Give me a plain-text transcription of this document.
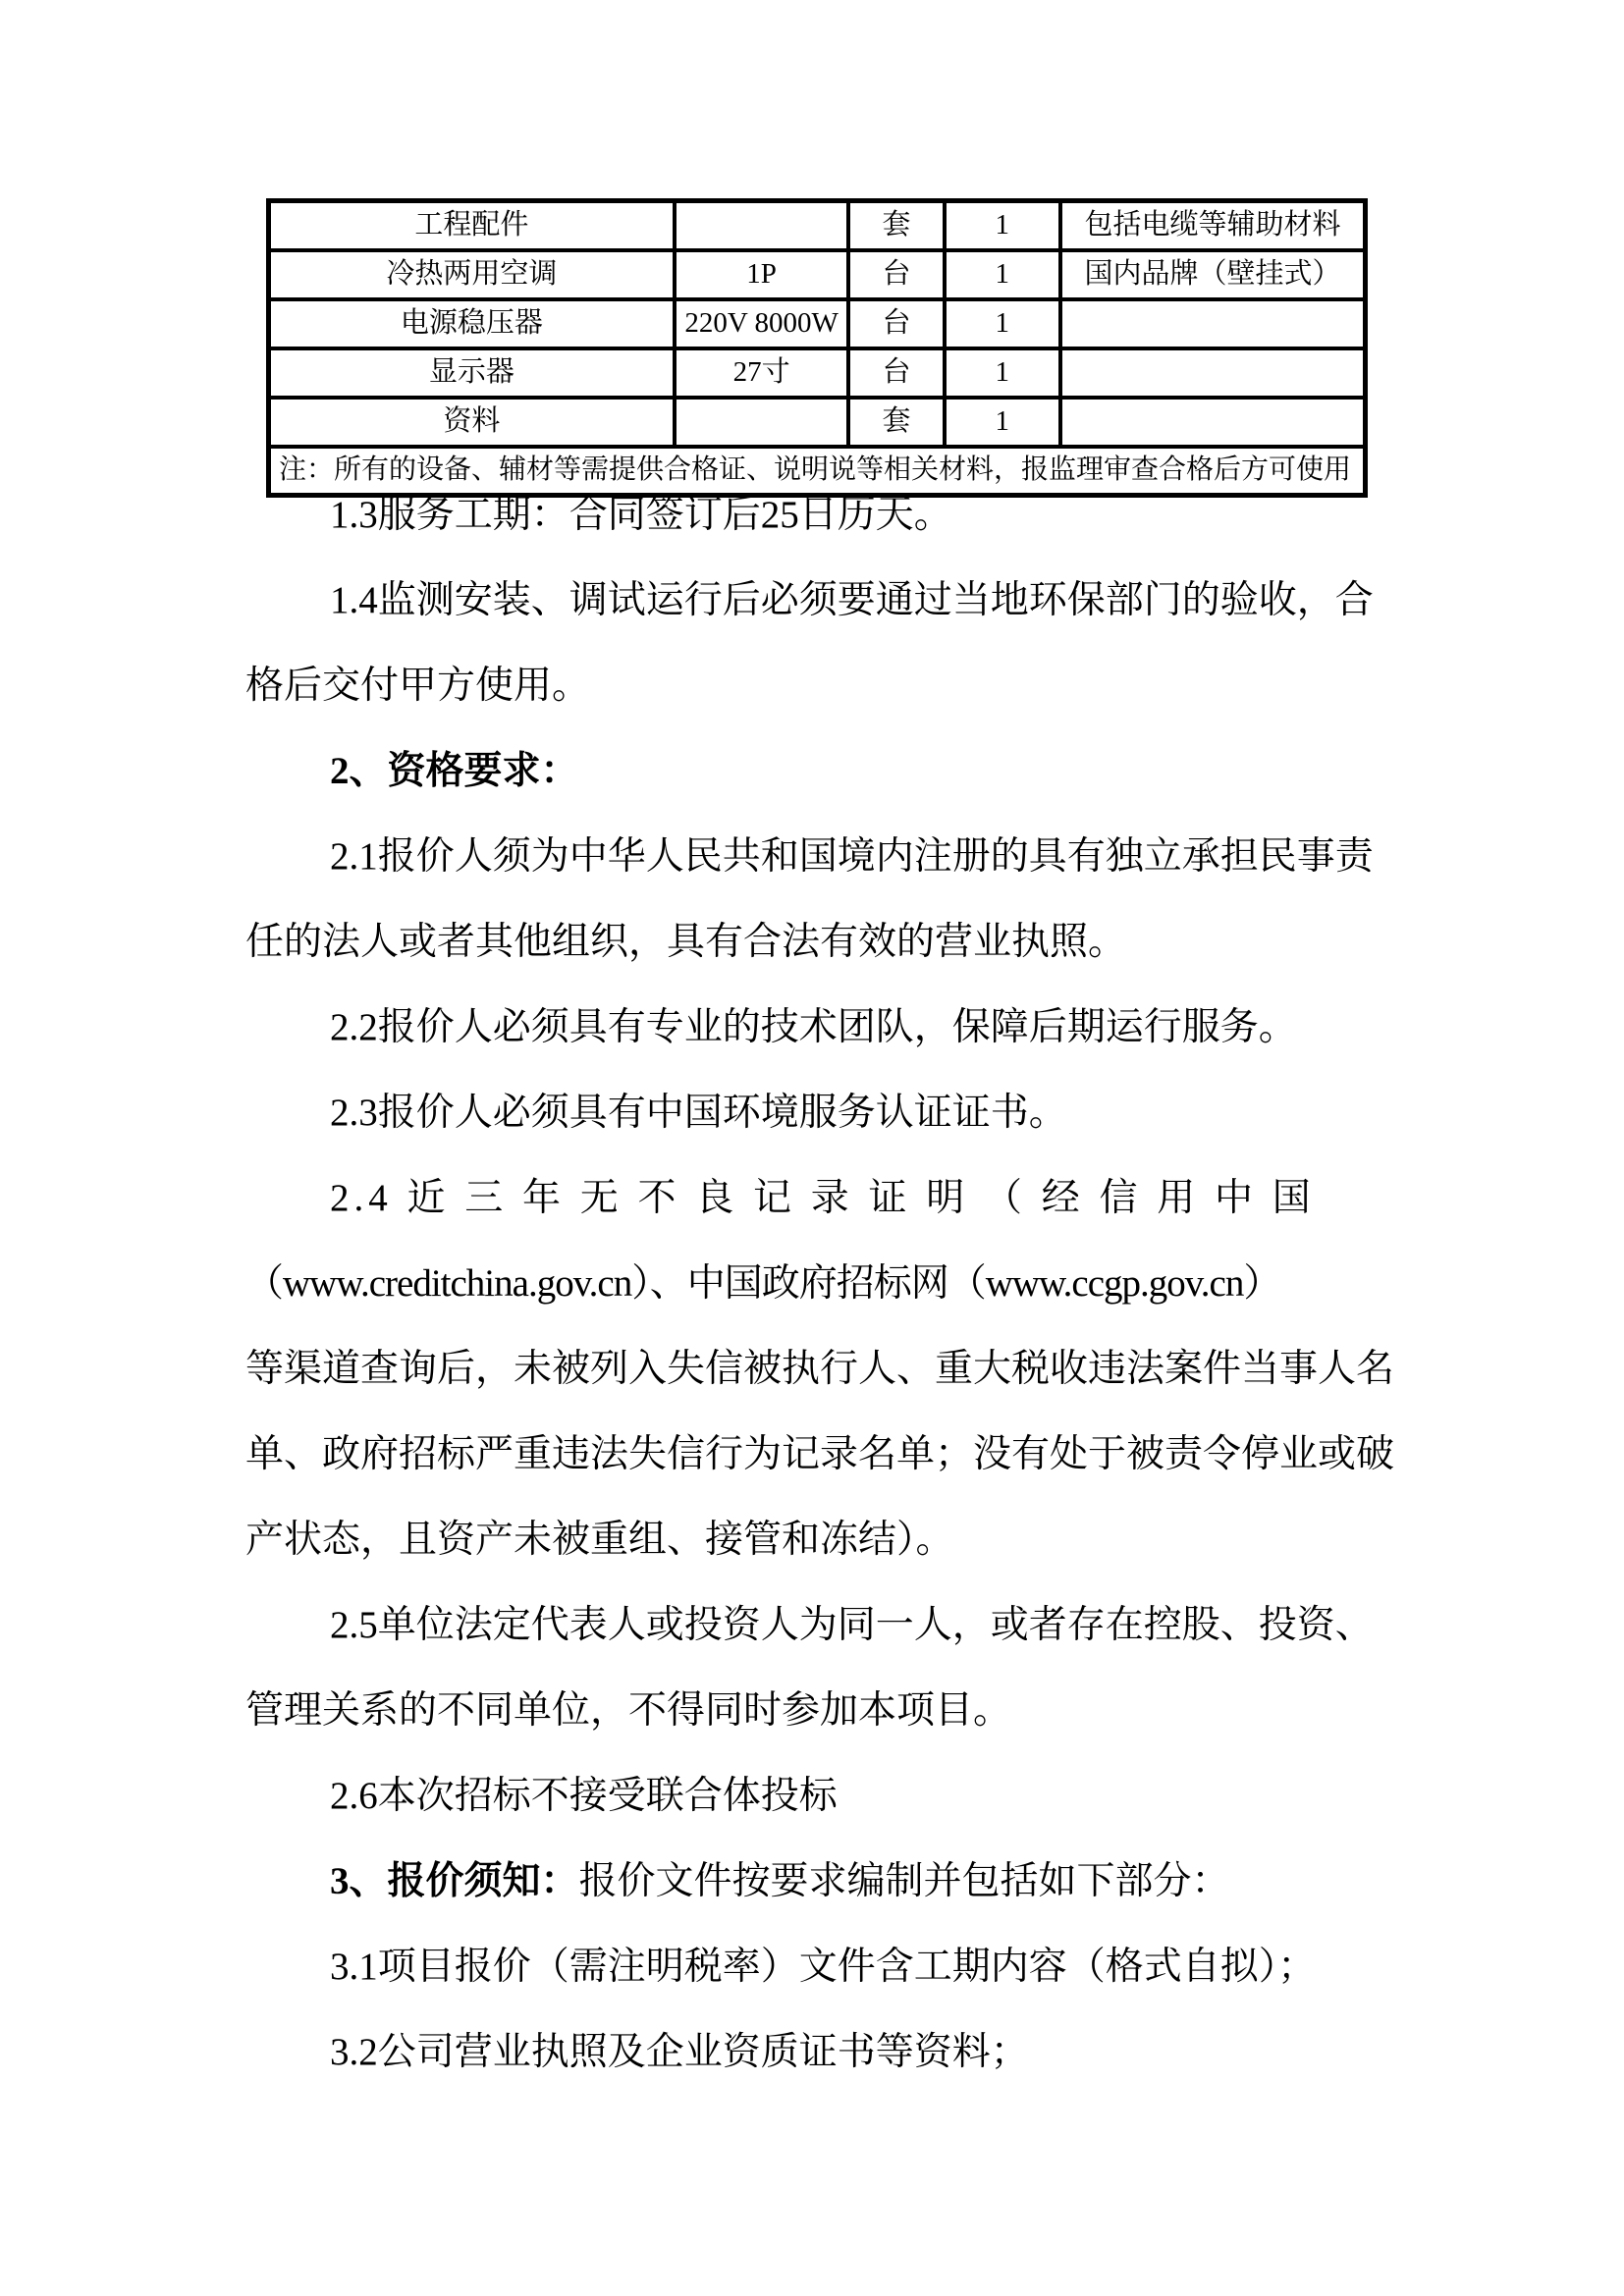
工程配件		套	1	包括电缆等辅助材料
冷热两用空调	1P	台	1	国内品牌（壁挂式）
电源稳压器	220V 8000W	台	1	
显示器	27寸	台	1	
资料		套	1	
注：所有的设备、辅材等需提供合格证、说明说等相关材料，报监理审查合格后方可使用				
1.3服务工期：合同签订后25日历天。
1.4监测安装、调试运行后必须要通过当地环保部门的验收，合
格后交付甲方使用。
2、资格要求：
2.1报价人须为中华人民共和国境内注册的具有独立承担民事责
任的法人或者其他组织，具有合法有效的营业执照。
2.2报价人必须具有专业的技术团队，保障后期运行服务。
2.3报价人必须具有中国环境服务认证证书。
2.4 近 三 年 无 不 良 记 录 证 明 （ 经 信 用 中 国
（www.creditchina.gov.cn）、中国政府招标网（www.ccgp.gov.cn）
等渠道查询后，未被列入失信被执行人、重大税收违法案件当事人名
单、政府招标严重违法失信行为记录名单；没有处于被责令停业或破
产状态，且资产未被重组、接管和冻结）。
2.5单位法定代表人或投资人为同一人，或者存在控股、投资、
管理关系的不同单位，不得同时参加本项目。
2.6本次招标不接受联合体投标
3、报价须知：报价文件按要求编制并包括如下部分：
3.1项目报价（需注明税率）文件含工期内容（格式自拟）；
3.2公司营业执照及企业资质证书等资料；
